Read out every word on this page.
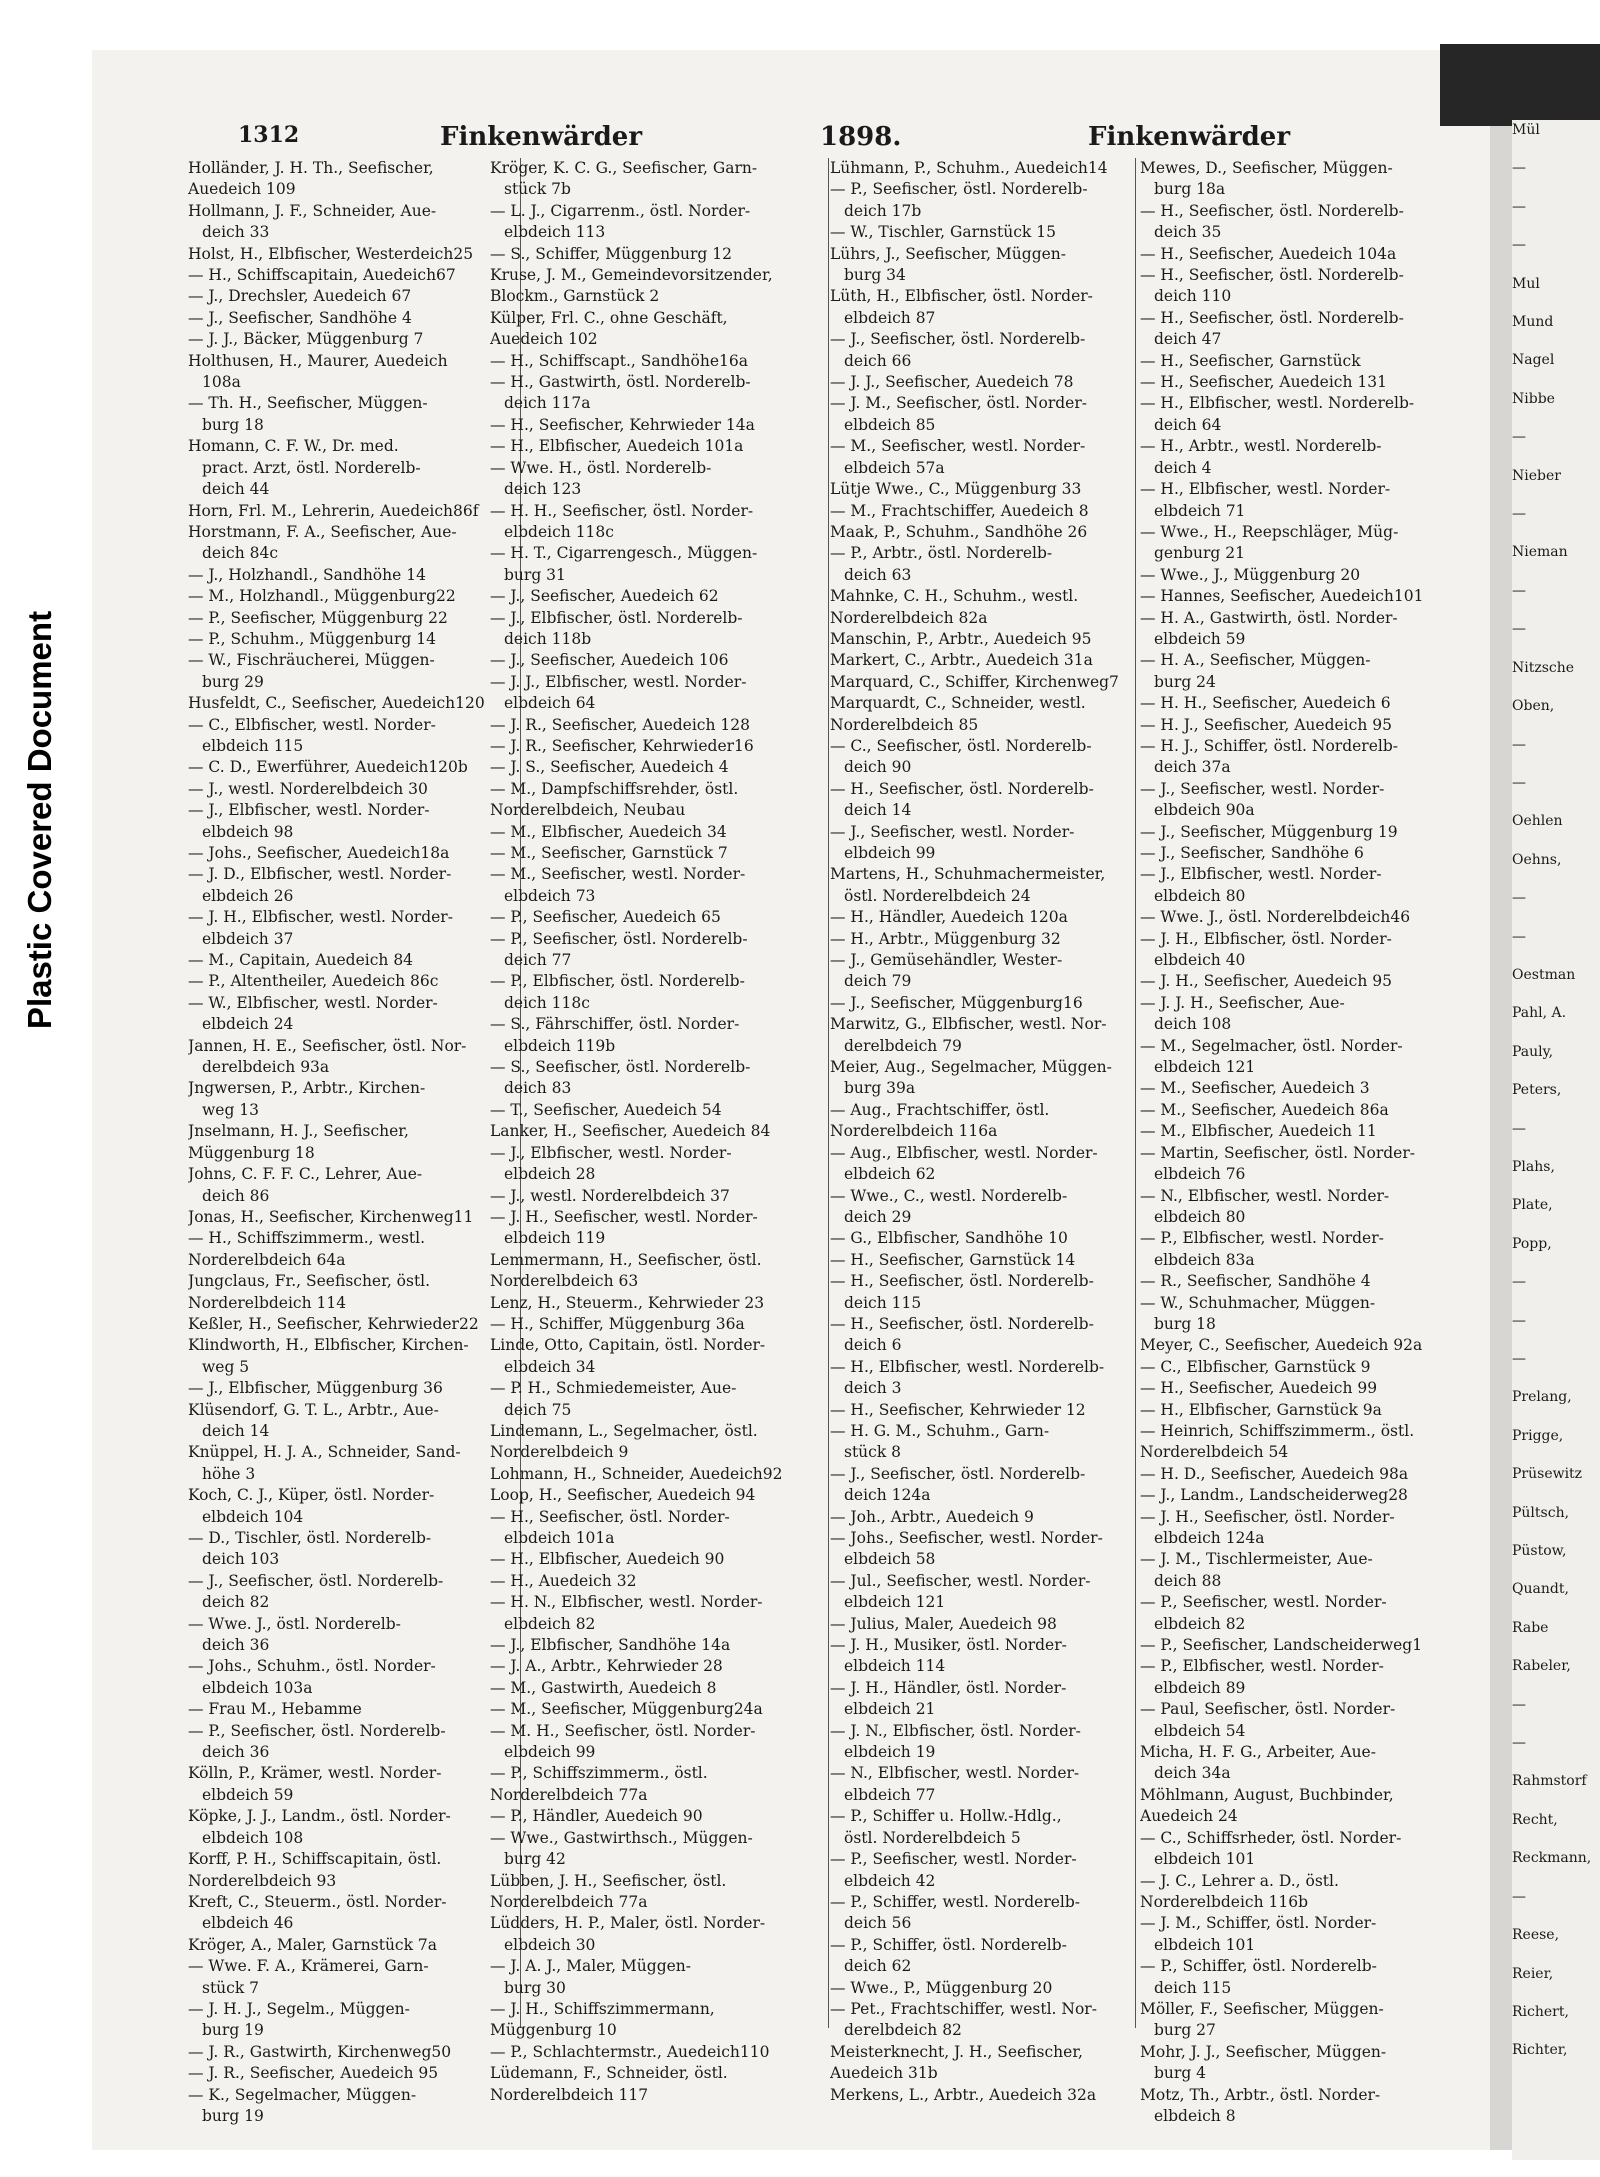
Plastic Covered Document
Mül
—
—
—
Mul
Mund
Nagel
Nibbe
—
Nieber
—
Nieman
—
—
Nitzsche
Oben,
—
—
Oehlen
Oehns,
—
—
Oestman
Pahl, A.
Pauly,
Peters,
—
Plahs,
Plate,
Popp,
—
—
—
Prelang,
Prigge,
Prüsewitz
Pültsch,
Püstow,
Quandt,
Rabe
Rabeler,
—
—
Rahmstorf
Recht,
Reckmann,
—
Reese,
Reier,
Richert,
Richter,
1312	Finkenwärder	1898.	Finkenwärder
Holländer, J. H. Th., Seefischer,
Auedeich 109
Hollmann, J. F., Schneider, Aue-
deich 33
Holst, H., Elbfischer, Westerdeich25
— H., Schiffscapitain, Auedeich67
— J., Drechsler, Auedeich 67
— J., Seefischer, Sandhöhe 4
— J. J., Bäcker, Müggenburg 7
Holthusen, H., Maurer, Auedeich
108a
— Th. H., Seefischer, Müggen-
burg 18
Homann, C. F. W., Dr. med.
pract. Arzt, östl. Norderelb-
deich 44
Horn, Frl. M., Lehrerin, Auedeich86f
Horstmann, F. A., Seefischer, Aue-
deich 84c
— J., Holzhandl., Sandhöhe 14
— M., Holzhandl., Müggenburg22
— P., Seefischer, Müggenburg 22
— P., Schuhm., Müggenburg 14
— W., Fischräucherei, Müggen-
burg 29
Husfeldt, C., Seefischer, Auedeich120
— C., Elbfischer, westl. Norder-
elbdeich 115
— C. D., Ewerführer, Auedeich120b
— J., westl. Norderelbdeich 30
— J., Elbfischer, westl. Norder-
elbdeich 98
— Johs., Seefischer, Auedeich18a
— J. D., Elbfischer, westl. Norder-
elbdeich 26
— J. H., Elbfischer, westl. Norder-
elbdeich 37
— M., Capitain, Auedeich 84
— P., Altentheiler, Auedeich 86c
— W., Elbfischer, westl. Norder-
elbdeich 24
Jannen, H. E., Seefischer, östl. Nor-
derelbdeich 93a
Jngwersen, P., Arbtr., Kirchen-
weg 13
Jnselmann, H. J., Seefischer,
Müggenburg 18
Johns, C. F. F. C., Lehrer, Aue-
deich 86
Jonas, H., Seefischer, Kirchenweg11
— H., Schiffszimmerm., westl.
Norderelbdeich 64a
Jungclaus, Fr., Seefischer, östl.
Norderelbdeich 114
Keßler, H., Seefischer, Kehrwieder22
Klindworth, H., Elbfischer, Kirchen-
weg 5
— J., Elbfischer, Müggenburg 36
Klüsendorf, G. T. L., Arbtr., Aue-
deich 14
Knüppel, H. J. A., Schneider, Sand-
höhe 3
Koch, C. J., Küper, östl. Norder-
elbdeich 104
— D., Tischler, östl. Norderelb-
deich 103
— J., Seefischer, östl. Norderelb-
deich 82
— Wwe. J., östl. Norderelb-
deich 36
— Johs., Schuhm., östl. Norder-
elbdeich 103a
— Frau M., Hebamme
— P., Seefischer, östl. Norderelb-
deich 36
Kölln, P., Krämer, westl. Norder-
elbdeich 59
Köpke, J. J., Landm., östl. Norder-
elbdeich 108
Korff, P. H., Schiffscapitain, östl.
Norderelbdeich 93
Kreft, C., Steuerm., östl. Norder-
elbdeich 46
Kröger, A., Maler, Garnstück 7a
— Wwe. F. A., Krämerei, Garn-
stück 7
— J. H. J., Segelm., Müggen-
burg 19
— J. R., Gastwirth, Kirchenweg50
— J. R., Seefischer, Auedeich 95
— K., Segelmacher, Müggen-
burg 19
Kröger, K. C. G., Seefischer, Garn-
stück 7b
— L. J., Cigarrenm., östl. Norder-
elbdeich 113
— S., Schiffer, Müggenburg 12
Kruse, J. M., Gemeindevorsitzender,
Blockm., Garnstück 2
Külper, Frl. C., ohne Geschäft,
Auedeich 102
— H., Schiffscapt., Sandhöhe16a
— H., Gastwirth, östl. Norderelb-
deich 117a
— H., Seefischer, Kehrwieder 14a
— H., Elbfischer, Auedeich 101a
— Wwe. H., östl. Norderelb-
deich 123
— H. H., Seefischer, östl. Norder-
elbdeich 118c
— H. T., Cigarrengesch., Müggen-
burg 31
— J., Seefischer, Auedeich 62
— J., Elbfischer, östl. Norderelb-
deich 118b
— J., Seefischer, Auedeich 106
— J. J., Elbfischer, westl. Norder-
elbdeich 64
— J. R., Seefischer, Auedeich 128
— J. R., Seefischer, Kehrwieder16
— J. S., Seefischer, Auedeich 4
— M., Dampfschiffsrehder, östl.
Norderelbdeich, Neubau
— M., Elbfischer, Auedeich 34
— M., Seefischer, Garnstück 7
— M., Seefischer, westl. Norder-
elbdeich 73
— P., Seefischer, Auedeich 65
— P., Seefischer, östl. Norderelb-
deich 77
— P., Elbfischer, östl. Norderelb-
deich 118c
— S., Fährschiffer, östl. Norder-
elbdeich 119b
— S., Seefischer, östl. Norderelb-
deich 83
— T., Seefischer, Auedeich 54
Lanker, H., Seefischer, Auedeich 84
— J., Elbfischer, westl. Norder-
elbdeich 28
— J., westl. Norderelbdeich 37
— J. H., Seefischer, westl. Norder-
elbdeich 119
Lemmermann, H., Seefischer, östl.
Norderelbdeich 63
Lenz, H., Steuerm., Kehrwieder 23
— H., Schiffer, Müggenburg 36a
Linde, Otto, Capitain, östl. Norder-
elbdeich 34
— P. H., Schmiedemeister, Aue-
deich 75
Lindemann, L., Segelmacher, östl.
Norderelbdeich 9
Lohmann, H., Schneider, Auedeich92
Loop, H., Seefischer, Auedeich 94
— H., Seefischer, östl. Norder-
elbdeich 101a
— H., Elbfischer, Auedeich 90
— H., Auedeich 32
— H. N., Elbfischer, westl. Norder-
elbdeich 82
— J., Elbfischer, Sandhöhe 14a
— J. A., Arbtr., Kehrwieder 28
— M., Gastwirth, Auedeich 8
— M., Seefischer, Müggenburg24a
— M. H., Seefischer, östl. Norder-
elbdeich 99
— P., Schiffszimmerm., östl.
Norderelbdeich 77a
— P., Händler, Auedeich 90
— Wwe., Gastwirthsch., Müggen-
burg 42
Lübben, J. H., Seefischer, östl.
Norderelbdeich 77a
Lüdders, H. P., Maler, östl. Norder-
elbdeich 30
— J. A. J., Maler, Müggen-
burg 30
— J. H., Schiffszimmermann,
Müggenburg 10
— P., Schlachtermstr., Auedeich110
Lüdemann, F., Schneider, östl.
Norderelbdeich 117
Lühmann, P., Schuhm., Auedeich14
— P., Seefischer, östl. Norderelb-
deich 17b
— W., Tischler, Garnstück 15
Lührs, J., Seefischer, Müggen-
burg 34
Lüth, H., Elbfischer, östl. Norder-
elbdeich 87
— J., Seefischer, östl. Norderelb-
deich 66
— J. J., Seefischer, Auedeich 78
— J. M., Seefischer, östl. Norder-
elbdeich 85
— M., Seefischer, westl. Norder-
elbdeich 57a
Lütje Wwe., C., Müggenburg 33
— M., Frachtschiffer, Auedeich 8
Maak, P., Schuhm., Sandhöhe 26
— P., Arbtr., östl. Norderelb-
deich 63
Mahnke, C. H., Schuhm., westl.
Norderelbdeich 82a
Manschin, P., Arbtr., Auedeich 95
Markert, C., Arbtr., Auedeich 31a
Marquard, C., Schiffer, Kirchenweg7
Marquardt, C., Schneider, westl.
Norderelbdeich 85
— C., Seefischer, östl. Norderelb-
deich 90
— H., Seefischer, östl. Norderelb-
deich 14
— J., Seefischer, westl. Norder-
elbdeich 99
Martens, H., Schuhmachermeister,
östl. Norderelbdeich 24
— H., Händler, Auedeich 120a
— H., Arbtr., Müggenburg 32
— J., Gemüsehändler, Wester-
deich 79
— J., Seefischer, Müggenburg16
Marwitz, G., Elbfischer, westl. Nor-
derelbdeich 79
Meier, Aug., Segelmacher, Müggen-
burg 39a
— Aug., Frachtschiffer, östl.
Norderelbdeich 116a
— Aug., Elbfischer, westl. Norder-
elbdeich 62
— Wwe., C., westl. Norderelb-
deich 29
— G., Elbfischer, Sandhöhe 10
— H., Seefischer, Garnstück 14
— H., Seefischer, östl. Norderelb-
deich 115
— H., Seefischer, östl. Norderelb-
deich 6
— H., Elbfischer, westl. Norderelb-
deich 3
— H., Seefischer, Kehrwieder 12
— H. G. M., Schuhm., Garn-
stück 8
— J., Seefischer, östl. Norderelb-
deich 124a
— Joh., Arbtr., Auedeich 9
— Johs., Seefischer, westl. Norder-
elbdeich 58
— Jul., Seefischer, westl. Norder-
elbdeich 121
— Julius, Maler, Auedeich 98
— J. H., Musiker, östl. Norder-
elbdeich 114
— J. H., Händler, östl. Norder-
elbdeich 21
— J. N., Elbfischer, östl. Norder-
elbdeich 19
— N., Elbfischer, westl. Norder-
elbdeich 77
— P., Schiffer u. Hollw.-Hdlg.,
östl. Norderelbdeich 5
— P., Seefischer, westl. Norder-
elbdeich 42
— P., Schiffer, westl. Norderelb-
deich 56
— P., Schiffer, östl. Norderelb-
deich 62
— Wwe., P., Müggenburg 20
— Pet., Frachtschiffer, westl. Nor-
derelbdeich 82
Meisterknecht, J. H., Seefischer,
Auedeich 31b
Merkens, L., Arbtr., Auedeich 32a
Mewes, D., Seefischer, Müggen-
burg 18a
— H., Seefischer, östl. Norderelb-
deich 35
— H., Seefischer, Auedeich 104a
— H., Seefischer, östl. Norderelb-
deich 110
— H., Seefischer, östl. Norderelb-
deich 47
— H., Seefischer, Garnstück
— H., Seefischer, Auedeich 131
— H., Elbfischer, westl. Norderelb-
deich 64
— H., Arbtr., westl. Norderelb-
deich 4
— H., Elbfischer, westl. Norder-
elbdeich 71
— Wwe., H., Reepschläger, Müg-
genburg 21
— Wwe., J., Müggenburg 20
— Hannes, Seefischer, Auedeich101
— H. A., Gastwirth, östl. Norder-
elbdeich 59
— H. A., Seefischer, Müggen-
burg 24
— H. H., Seefischer, Auedeich 6
— H. J., Seefischer, Auedeich 95
— H. J., Schiffer, östl. Norderelb-
deich 37a
— J., Seefischer, westl. Norder-
elbdeich 90a
— J., Seefischer, Müggenburg 19
— J., Seefischer, Sandhöhe 6
— J., Elbfischer, westl. Norder-
elbdeich 80
— Wwe. J., östl. Norderelbdeich46
— J. H., Elbfischer, östl. Norder-
elbdeich 40
— J. H., Seefischer, Auedeich 95
— J. J. H., Seefischer, Aue-
deich 108
— M., Segelmacher, östl. Norder-
elbdeich 121
— M., Seefischer, Auedeich 3
— M., Seefischer, Auedeich 86a
— M., Elbfischer, Auedeich 11
— Martin, Seefischer, östl. Norder-
elbdeich 76
— N., Elbfischer, westl. Norder-
elbdeich 80
— P., Elbfischer, westl. Norder-
elbdeich 83a
— R., Seefischer, Sandhöhe 4
— W., Schuhmacher, Müggen-
burg 18
Meyer, C., Seefischer, Auedeich 92a
— C., Elbfischer, Garnstück 9
— H., Seefischer, Auedeich 99
— H., Elbfischer, Garnstück 9a
— Heinrich, Schiffszimmerm., östl.
Norderelbdeich 54
— H. D., Seefischer, Auedeich 98a
— J., Landm., Landscheiderweg28
— J. H., Seefischer, östl. Norder-
elbdeich 124a
— J. M., Tischlermeister, Aue-
deich 88
— P., Seefischer, westl. Norder-
elbdeich 82
— P., Seefischer, Landscheiderweg1
— P., Elbfischer, westl. Norder-
elbdeich 89
— Paul, Seefischer, östl. Norder-
elbdeich 54
Micha, H. F. G., Arbeiter, Aue-
deich 34a
Möhlmann, August, Buchbinder,
Auedeich 24
— C., Schiffsrheder, östl. Norder-
elbdeich 101
— J. C., Lehrer a. D., östl.
Norderelbdeich 116b
— J. M., Schiffer, östl. Norder-
elbdeich 101
— P., Schiffer, östl. Norderelb-
deich 115
Möller, F., Seefischer, Müggen-
burg 27
Mohr, J. J., Seefischer, Müggen-
burg 4
Motz, Th., Arbtr., östl. Norder-
elbdeich 8
